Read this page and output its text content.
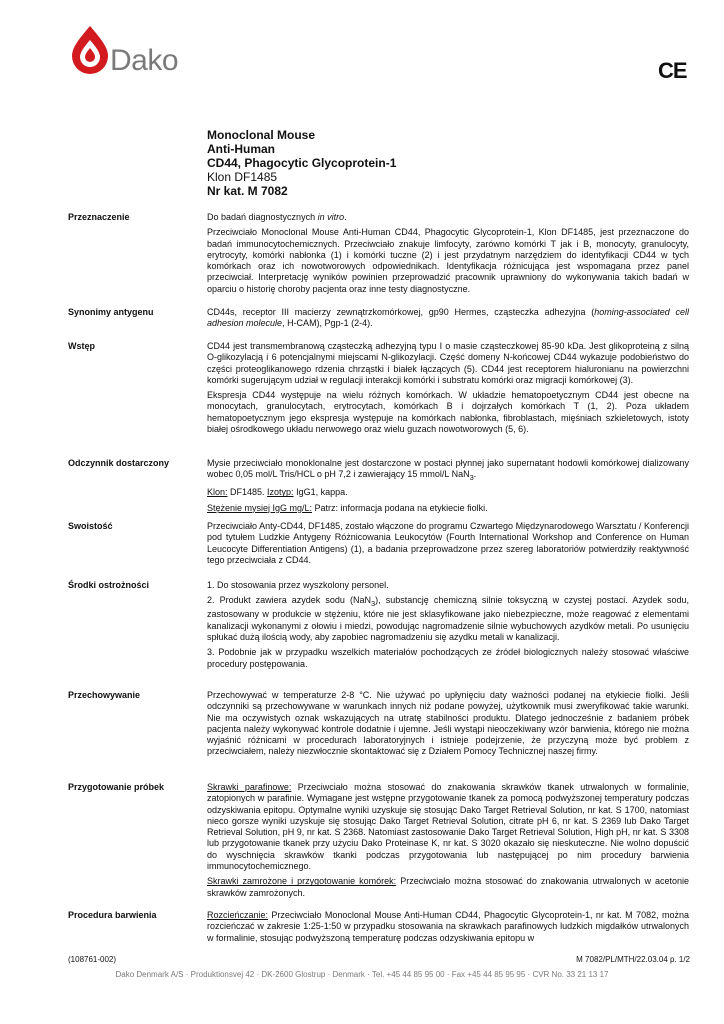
Dako	CE
Monoclonal Mouse
Anti-Human
CD44, Phagocytic Glycoprotein-1
Klon DF1485
Nr kat. M 7082
Przeznaczenie	Do badań diagnostycznych in vitro.

Przeciwciało Monoclonal Mouse Anti-Human CD44, Phagocytic Glycoprotein-1, Klon DF1485, jest przeznaczone do badań immunocytochemicznych. Przeciwciało znakuje limfocyty, zarówno komórki T jak i B, monocyty, granulocyty, erytrocyty, komórki nabłonka (1) i komórki tuczne (2) i jest przydatnym narzędziem do identyfikacji CD44 w tych komórkach oraz ich nowotworowych odpowiednikach. Identyfikacja różnicująca jest wspomagana przez panel przeciwciał. Interpretację wyników powinien przeprowadzić pracownik uprawniony do wykonywania takich badań w oparciu o historię choroby pacjenta oraz inne testy diagnostyczne.

Synonimy antygenu	CD44s, receptor III macierzy zewnątrzkomórkowej, gp90 Hermes, cząsteczka adhezyjna (homing-associated cell adhesion molecule, H-CAM), Pgp-1 (2-4).

Wstęp	CD44 jest transmembranową cząsteczką adhezyjną typu I o masie cząsteczkowej 85-90 kDa. Jest glikoproteiną z silną O-glikozylacją i 6 potencjalnymi miejscami N-glikozylacji. Część domeny N-końcowej CD44 wykazuje podobieństwo do części proteoglikanowego rdzenia chrząstki i białek łączących (5). CD44 jest receptorem hialuronianu na powierzchni komórki sugerującym udział w regulacji interakcji komórki i substratu komórki oraz migracji komórkowej (3).

Ekspresja CD44 występuje na wielu różnych komórkach. W układzie hematopoetycznym CD44 jest obecne na monocytach, granulocytach, erytrocytach, komórkach B i dojrzałych komórkach T (1, 2). Poza układem hematopoetycznym jego ekspresja występuje na komórkach nabłonka, fibroblastach, mięśniach szkieletowych, istoty białej ośrodkowego układu nerwowego oraz wielu guzach nowotworowych (5, 6).

Odczynnik dostarczony	Mysie przeciwciało monoklonalne jest dostarczone w postaci płynnej jako supernatant hodowli komórkowej dializowany wobec 0,05 mol/L Tris/HCL o pH 7,2 i zawierający 15 mmol/L NaN$_3$.

Klon: DF1485. Izotyp: IgG1, kappa.

Stężenie mysiej IgG mg/L: Patrz: informacja podana na etykiecie fiolki.

Swoistość	Przeciwciało Anty-CD44, DF1485, zostało włączone do programu Czwartego Międzynarodowego Warsztatu / Konferencji pod tytułem Ludzkie Antygeny Różnicowania Leukocytów (Fourth International Workshop and Conference on Human Leucocyte Differentiation Antigens) (1), a badania przeprowadzone przez szereg laboratoriów potwierdziły reaktywność tego przeciwciała z CD44.

Środki ostrożności	1. Do stosowania przez wyszkolony personel.

2. Produkt zawiera azydek sodu (NaN$_3$), substancję chemiczną silnie toksyczną w czystej postaci. Azydek sodu, zastosowany w produkcie w stężeniu, które nie jest sklasyfikowane jako niebezpieczne, może reagować z elementami kanalizacji wykonanymi z ołowiu i miedzi, powodując nagromadzenie silnie wybuchowych azydków metali. Po usunięciu spłukać dużą ilością wody, aby zapobiec nagromadzeniu się azydku metali w kanalizacji.

3. Podobnie jak w przypadku wszelkich materiałów pochodzących ze źródeł biologicznych należy stosować właściwe procedury postępowania.

Przechowywanie	Przechowywać w temperaturze 2-8 °C. Nie używać po upłynięciu daty ważności podanej na etykiecie fiolki. Jeśli odczynniki są przechowywane w warunkach innych niż podane powyżej, użytkownik musi zweryfikować takie warunki. Nie ma oczywistych oznak wskazujących na utratę stabilności produktu. Dlatego jednocześnie z badaniem próbek pacjenta należy wykonywać kontrole dodatnie i ujemne. Jeśli wystąpi nieoczekiwany wzór barwienia, którego nie można wyjaśnić różnicami w procedurach laboratoryjnych i istnieje podejrzenie, że przyczyną może być problem z przeciwciałem, należy niezwłocznie skontaktować się z Działem Pomocy Technicznej naszej firmy.

Przygotowanie próbek	Skrawki parafinowe: Przeciwciało można stosować do znakowania skrawków tkanek utrwalonych w formalinie, zatopionych w parafinie. Wymagane jest wstępne przygotowanie tkanek za pomocą podwyższonej temperatury podczas odzyskiwania epitopu. Optymalne wyniki uzyskuje się stosując Dako Target Retrieval Solution, nr kat. S 1700, natomiast nieco gorsze wyniki uzyskuje się stosując Dako Target Retrieval Solution, citrate pH 6, nr kat. S 2369 lub Dako Target Retrieval Solution, pH 9, nr kat. S 2368. Natomiast zastosowanie Dako Target Retrieval Solution, High pH, nr kat. S 3308 lub przygotowanie tkanek przy użyciu Dako Proteinase K, nr kat. S 3020 okazało się nieskuteczne. Nie wolno dopuścić do wyschnięcia skrawków tkanki podczas przygotowania lub następującej po nim procedury barwienia immunocytochemicznego.

Skrawki zamrożone i przygotowanie komórek: Przeciwciało można stosować do znakowania utrwalonych w acetonie skrawków zamrożonych.

Procedura barwienia	Rozcieńczanie: Przeciwciało Monoclonal Mouse Anti-Human CD44, Phagocytic Glycoprotein-1, nr kat. M 7082, można rozcieńczać w zakresie 1:25-1:50 w przypadku stosowania na skrawkach parafinowych ludzkich migdałków utrwalonych w formalinie, stosując podwyższoną temperaturę podczas odzyskiwania epitopu w

(108761-002)	M 7082/PL/MTH/22.03.04 p. 1/2
Dako Denmark A/S · Produktionsvej 42 · DK-2600 Glostrup · Denmark · Tel. +45 44 85 95 00 · Fax +45 44 85 95 95 · CVR No. 33 21 13 17
